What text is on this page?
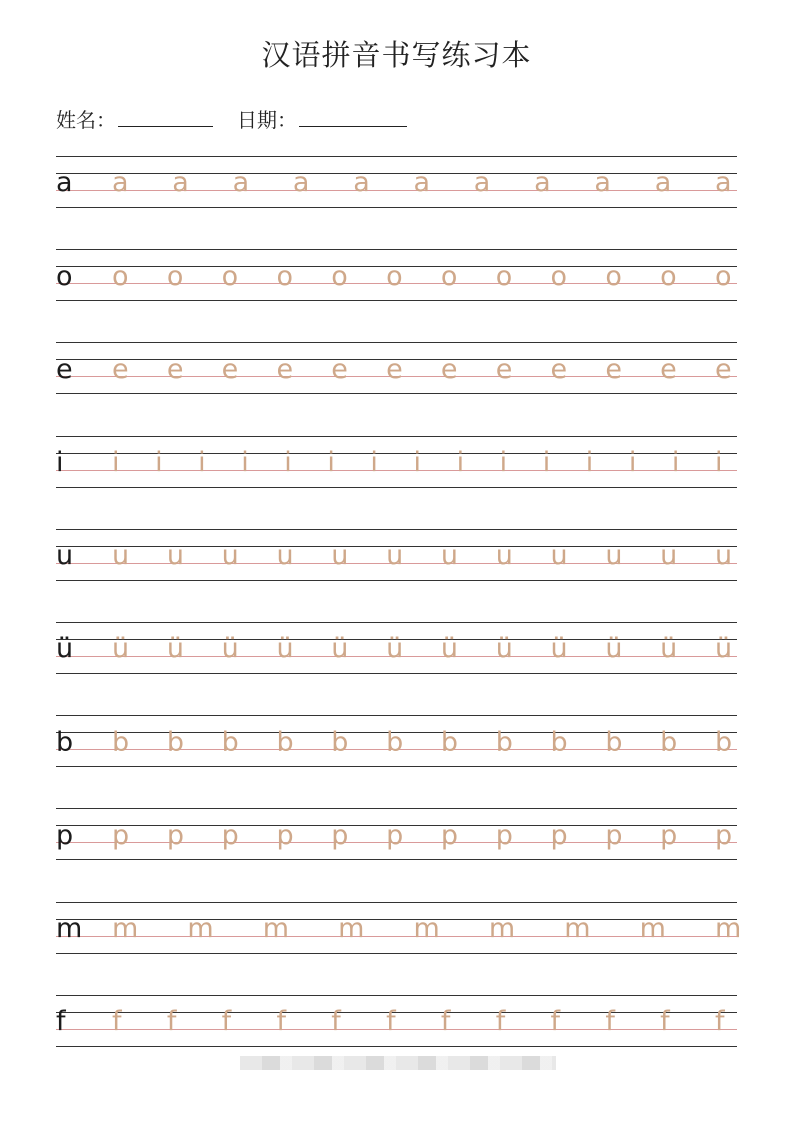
汉语拼音书写练习本
姓名：	日期：
a a a a a a a a a a a a
o o o o o o o o o o o o o
e e e e e e e e e e e e e
i i i i i i i i i i i i i i i i
u u u u u u u u u u u u u
ü ü ü ü ü ü ü ü ü ü ü ü ü
b b b b b b b b b b b b b
p p p p p p p p p p p p p
m m m m m m m m m m
f f f f f f f f f f f f f
